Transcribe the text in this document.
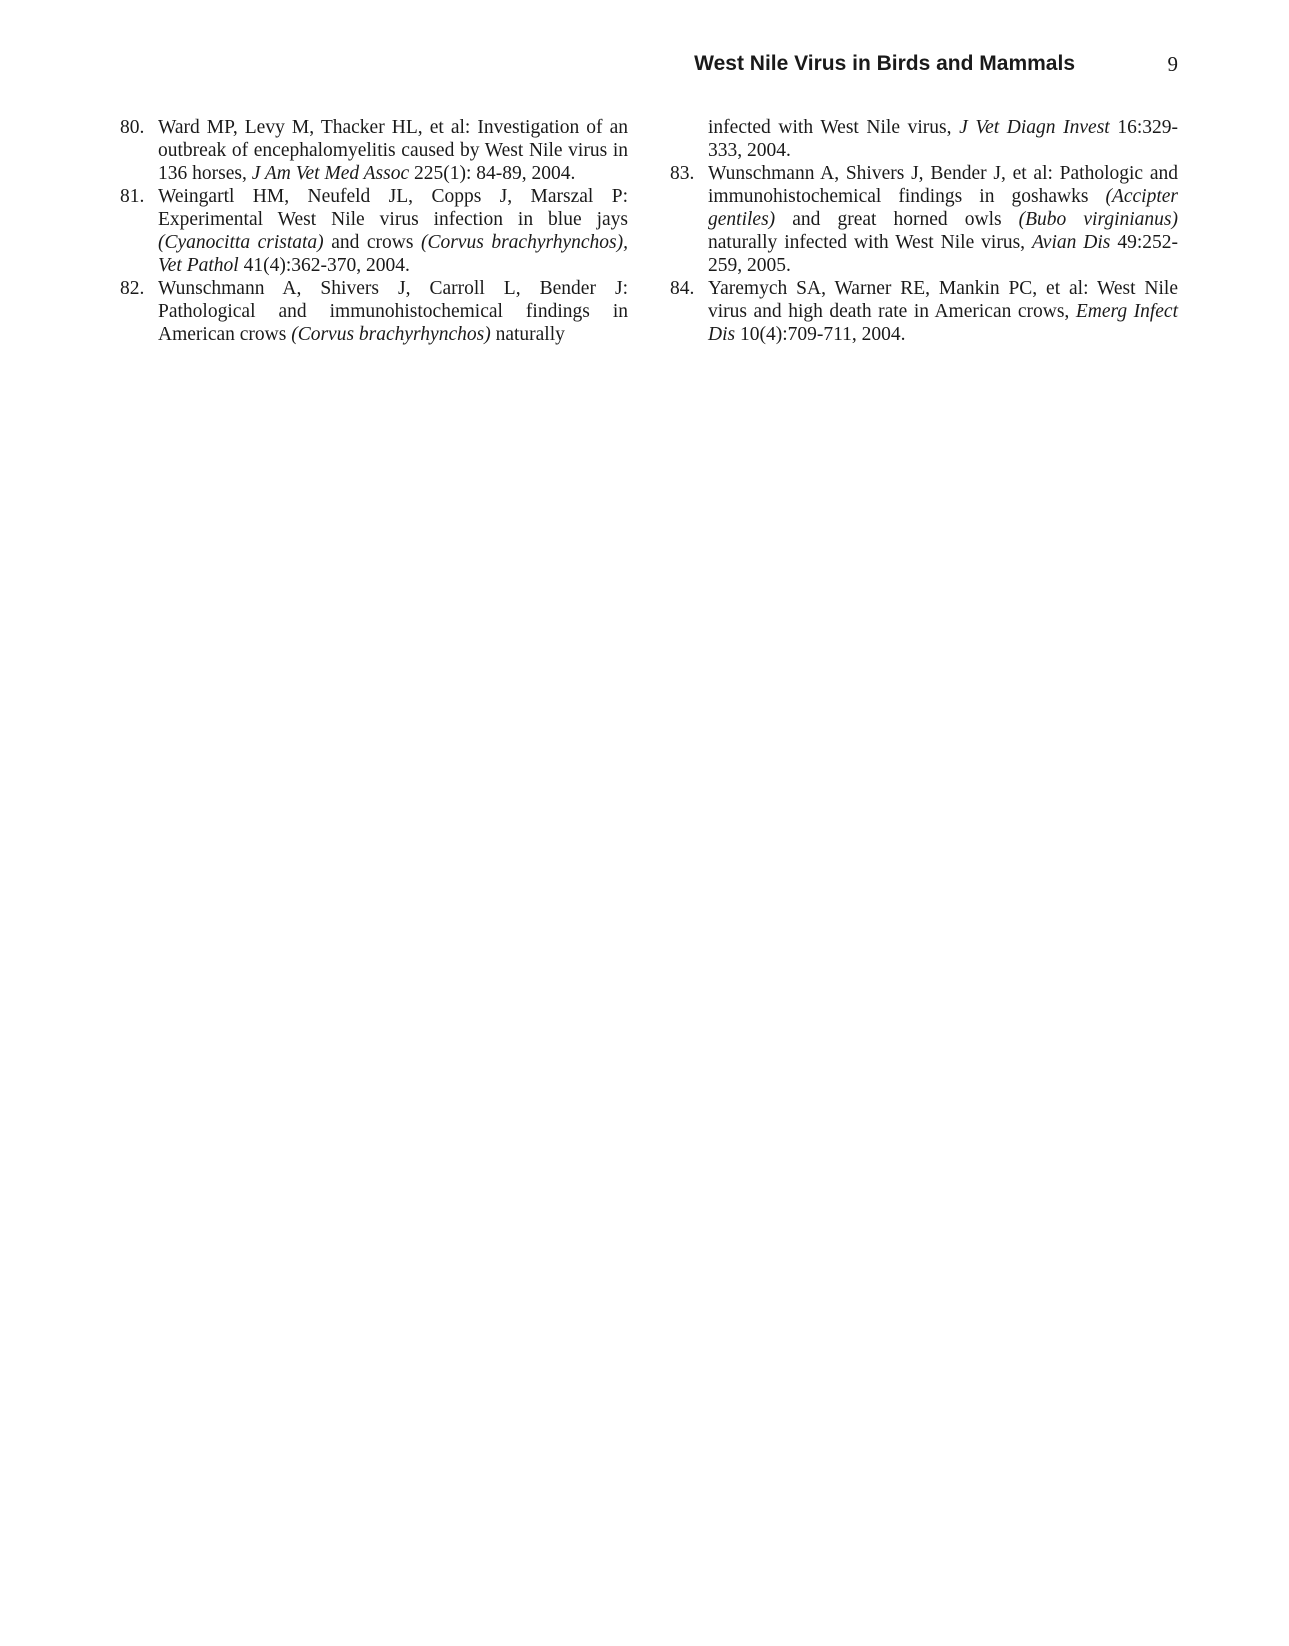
West Nile Virus in Birds and Mammals	9
80. Ward MP, Levy M, Thacker HL, et al: Investigation of an outbreak of encephalomyelitis caused by West Nile virus in 136 horses, J Am Vet Med Assoc 225(1): 84-89, 2004.
81. Weingartl HM, Neufeld JL, Copps J, Marszal P: Experimental West Nile virus infection in blue jays (Cyanocitta cristata) and crows (Corvus brachyrhynchos), Vet Pathol 41(4):362-370, 2004.
82. Wunschmann A, Shivers J, Carroll L, Bender J: Pathological and immunohistochemical findings in American crows (Corvus brachyrhynchos) naturally
infected with West Nile virus, J Vet Diagn Invest 16:329-333, 2004.
83. Wunschmann A, Shivers J, Bender J, et al: Pathologic and immunohistochemical findings in goshawks (Accipter gentiles) and great horned owls (Bubo virginianus) naturally infected with West Nile virus, Avian Dis 49:252-259, 2005.
84. Yaremych SA, Warner RE, Mankin PC, et al: West Nile virus and high death rate in American crows, Emerg Infect Dis 10(4):709-711, 2004.
